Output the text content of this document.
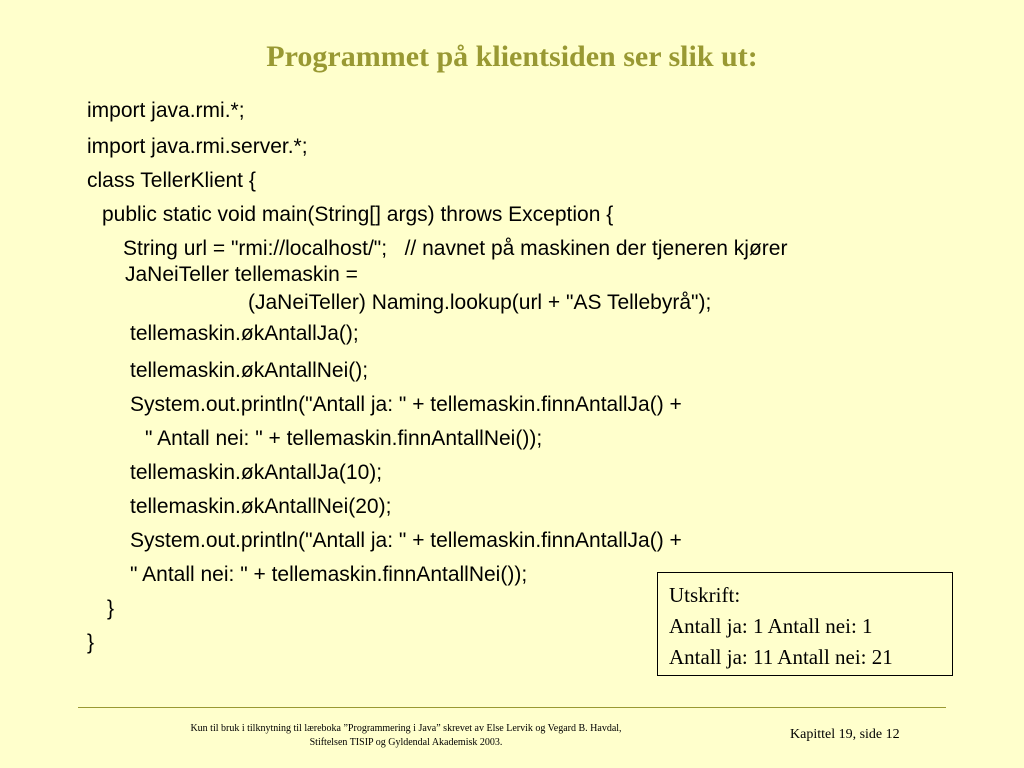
Programmet på klientsiden ser slik ut:
import java.rmi.*;
import java.rmi.server.*;
class TellerKlient {
public static void main(String[] args) throws Exception {
String url = "rmi://localhost/";   // navnet på maskinen der tjeneren kjører
JaNeiTeller tellemaskin =
(JaNeiTeller) Naming.lookup(url + "AS Tellebyrå");
tellemaskin.økAntallJa();
tellemaskin.økAntallNei();
System.out.println("Antall ja: " + tellemaskin.finnAntallJa() +
" Antall nei: " + tellemaskin.finnAntallNei());
tellemaskin.økAntallJa(10);
tellemaskin.økAntallNei(20);
System.out.println("Antall ja: " + tellemaskin.finnAntallJa() +
" Antall nei: " + tellemaskin.finnAntallNei());
}
}
Utskrift:
Antall ja: 1 Antall nei: 1
Antall ja: 11 Antall nei: 21
Kun til bruk i tilknytning til læreboka ”Programmering i Java” skrevet av Else Lervik og Vegard B. Havdal,
Stiftelsen TISIP og Gyldendal Akademisk 2003.
Kapittel 19, side 12
